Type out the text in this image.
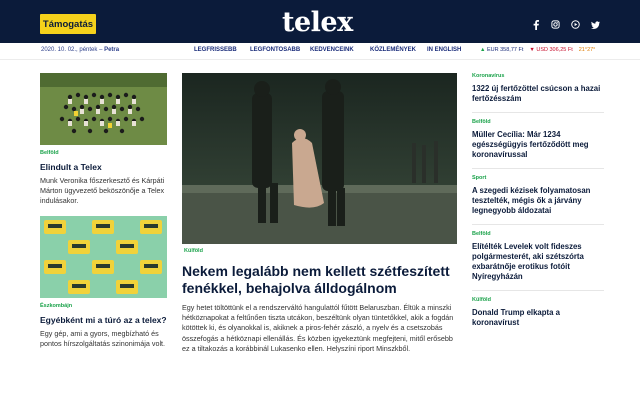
Támogatás	telex
2020. 10. 02., péntek – Petra	LEGFRISSEBB	LEGFONTOSABB	KEDVENCEINK	KÖZLEMÉNYEK	IN ENGLISH	▲ EUR 358,77 Ft ▼ USD 306,25 Ft 21°27°
Belföld
Elindult a Telex
Munk Veronika főszerkesztő és Kárpáti Márton ügyvezető beköszönője a Telex indulásakor.
Észkombájn
Egyébként mi a túró az a telex?
Egy gép, ami a gyors, megbízható és pontos hírszolgáltatás szinonimája volt.
Külföld
Nekem legalább nem kellett szétfeszített fenékkel, behajolva álldogálnom
Egy hetet töltöttünk el a rendszerváltó hangulattól fűtött Belaruszban. Éltük a minszki hétköznapokat a feltűnően tiszta utcákon, beszéltünk olyan tüntetőkkel, akik a fogdán kötöttek ki, és olyanokkal is, akiknek a piros-fehér zászló, a nyelv és a csetszobás összefogás a hétköznapi ellenállás. És közben igyekeztünk megfejteni, mitől erősebb ez a tiltakozás a korábbinál Lukasenko ellen. Helyszíni riport Minszkből.
Koronavírus
1322 új fertőzöttel csúcson a hazai fertőzésszám
Belföld
Müller Cecília: Már 1234 egészségügyis fertőződött meg koronavírussal
Sport
A szegedi kézisek folyamatosan tesztelték, mégis ők a járvány legnegyobb áldozatai
Belföld
Elítélték Levelek volt fideszes polgármesterét, aki szétszórta exbarátnője erotikus fotóit Nyíregyházán
Külföld
Donald Trump elkapta a koronavírust
